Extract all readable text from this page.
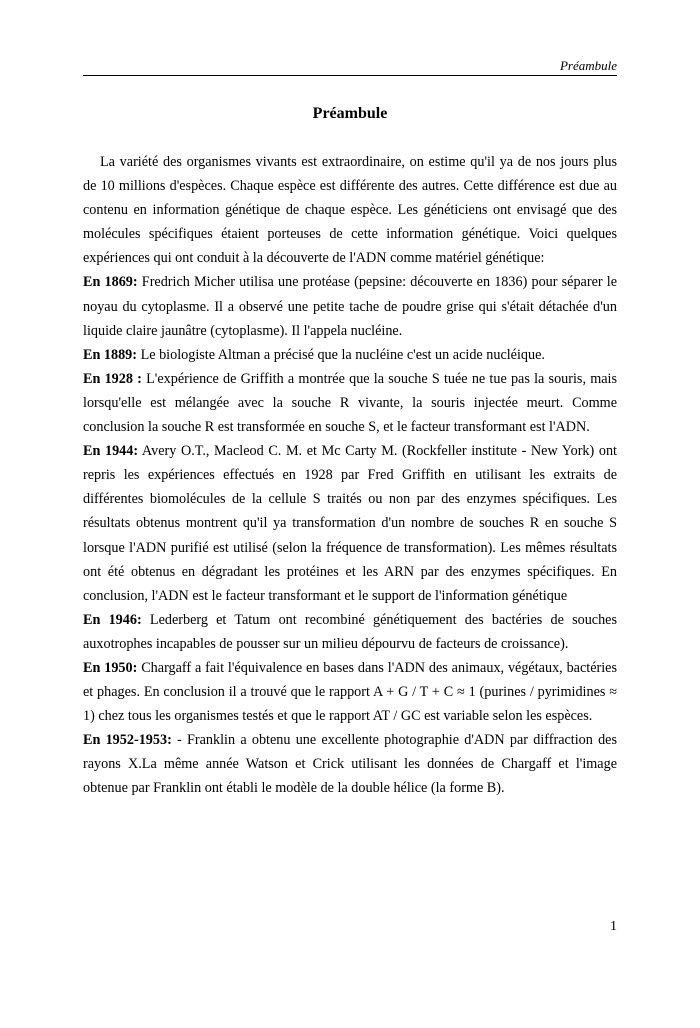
Préambule
Préambule

La variété des organismes vivants est extraordinaire, on estime qu'il ya de nos jours plus de 10 millions d'espèces. Chaque espèce est différente des autres. Cette différence est due au contenu en information génétique de chaque espèce. Les généticiens ont envisagé que des molécules spécifiques étaient porteuses de cette information génétique. Voici quelques expériences qui ont conduit à la découverte de l'ADN comme matériel génétique:

En 1869: Fredrich Micher utilisa une protéase (pepsine: découverte en 1836) pour séparer le noyau du cytoplasme. Il a observé une petite tache de poudre grise qui s'était détachée d'un liquide claire jaunâtre (cytoplasme). Il l'appela nucléine.

En 1889: Le biologiste Altman a précisé que la nucléine c'est un acide nucléique.

En 1928 : L'expérience de Griffith a montrée que la souche S tuée ne tue pas la souris, mais lorsqu'elle est mélangée avec la souche R vivante, la souris injectée meurt. Comme conclusion la souche R est transformée en souche S, et le facteur transformant est l'ADN.

En 1944: Avery O.T., Macleod C. M. et Mc Carty M. (Rockfeller institute - New York) ont repris les expériences effectués en 1928 par Fred Griffith en utilisant les extraits de différentes biomolécules de la cellule S traités ou non par des enzymes spécifiques. Les résultats obtenus montrent qu'il ya transformation d'un nombre de souches R en souche S lorsque l'ADN purifié est utilisé (selon la fréquence de transformation). Les mêmes résultats ont été obtenus en dégradant les protéines et les ARN par des enzymes spécifiques. En conclusion, l'ADN est le facteur transformant et le support de l'information génétique

En 1946: Lederberg et Tatum ont recombiné génétiquement des bactéries de souches auxotrophes incapables de pousser sur un milieu dépourvu de facteurs de croissance).

En 1950: Chargaff a fait l'équivalence en bases dans l'ADN des animaux, végétaux, bactéries et phages. En conclusion il a trouvé que le rapport A + G / T + C ≈ 1 (purines / pyrimidines ≈ 1) chez tous les organismes testés et que le rapport AT / GC est variable selon les espèces.

En 1952-1953: - Franklin a obtenu une excellente photographie d'ADN par diffraction des rayons X.La même année Watson et Crick utilisant les données de Chargaff et l'image obtenue par Franklin ont établi le modèle de la double hélice (la forme B).

1
